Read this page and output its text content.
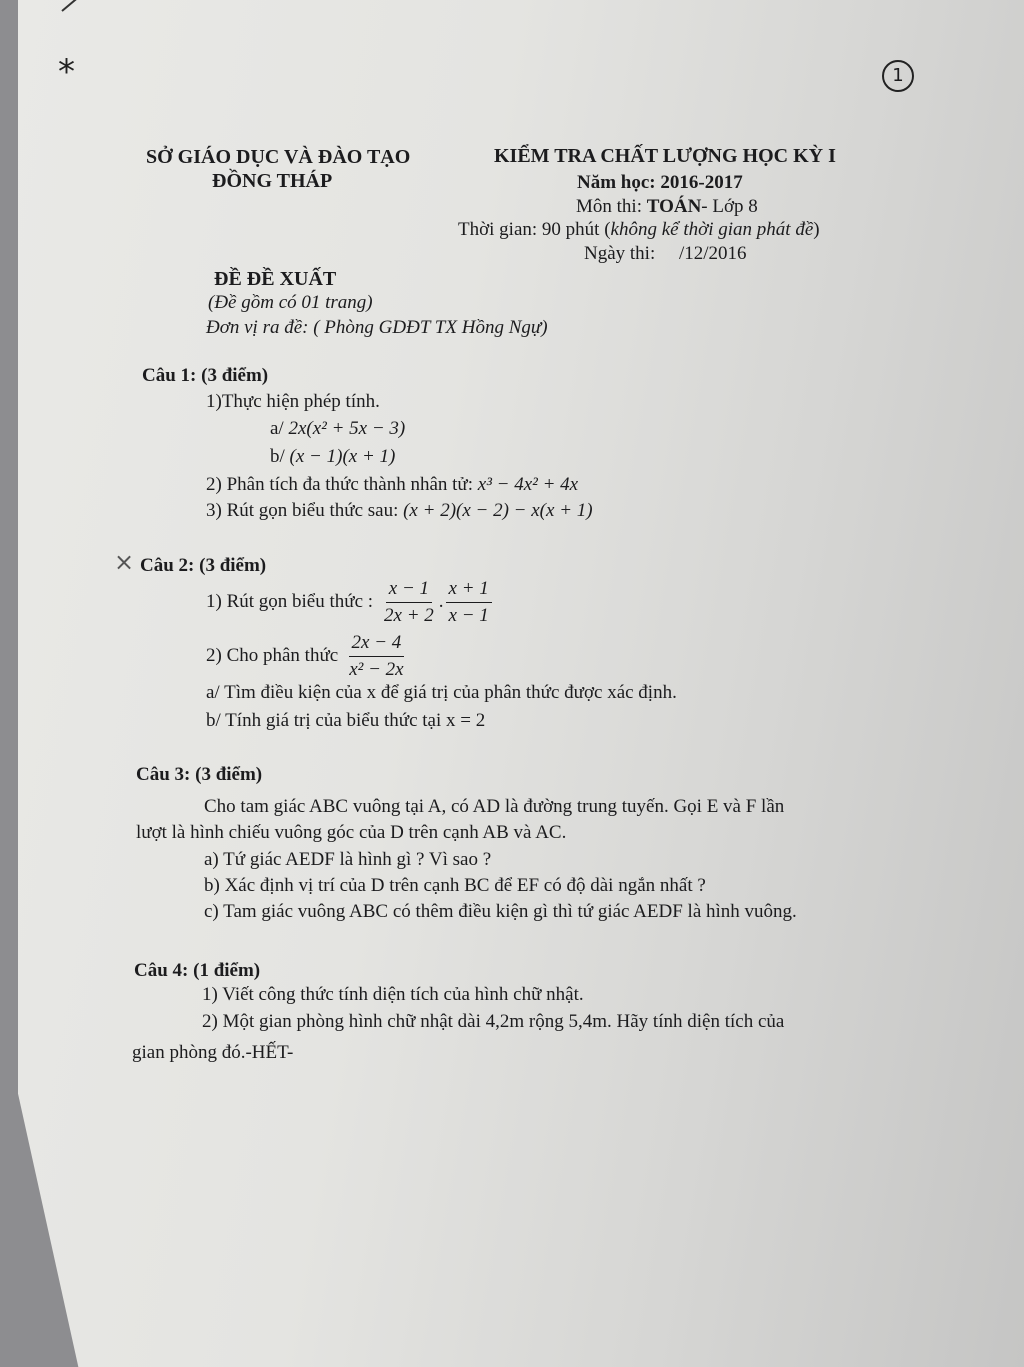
*	1
×
SỞ GIÁO DỤC VÀ ĐÀO TẠO
ĐỒNG THÁP
KIỂM TRA CHẤT LƯỢNG HỌC KỲ I
Năm học: 2016-2017
Môn thi: TOÁN- Lớp 8
Thời gian: 90 phút (không kể thời gian phát đề)
Ngày thi:     /12/2016
ĐỀ ĐỀ XUẤT
(Đề gồm có 01 trang)
Đơn vị ra đề: ( Phòng GDĐT TX Hồng Ngự)
Câu 1: (3 điểm)
1)Thực hiện phép tính.
a/ 2x(x² + 5x − 3)
b/ (x − 1)(x + 1)
2) Phân tích đa thức thành nhân tử: x³ − 4x² + 4x
3) Rút gọn biểu thức sau: (x + 2)(x − 2) − x(x + 1)
Câu 2: (3 điểm)
1) Rút gọn biểu thức : $\frac{x - 1}{2x + 2}$ . $\frac{x + 1}{x - 1}$
2) Cho phân thức $\frac{2x - 4}{\text{x² − 2x}}$
a/ Tìm điều kiện của x để giá trị của phân thức được xác định.
b/ Tính giá trị của biểu thức tại x = 2
Câu 3: (3 điểm)
Cho tam giác ABC vuông tại A, có AD là đường trung tuyến. Gọi E và F lần
lượt là hình chiếu vuông góc của D trên cạnh AB và AC.
a) Tứ giác AEDF là hình gì ? Vì sao ?
b) Xác định vị trí của D trên cạnh BC để EF có độ dài ngắn nhất ?
c) Tam giác vuông ABC có thêm điều kiện gì thì tứ giác AEDF là hình vuông.
Câu 4: (1 điểm)
1) Viết công thức tính diện tích của hình chữ nhật.
2) Một gian phòng hình chữ nhật dài 4,2m rộng 5,4m. Hãy tính diện tích của
gian phòng đó.-HẾT-
